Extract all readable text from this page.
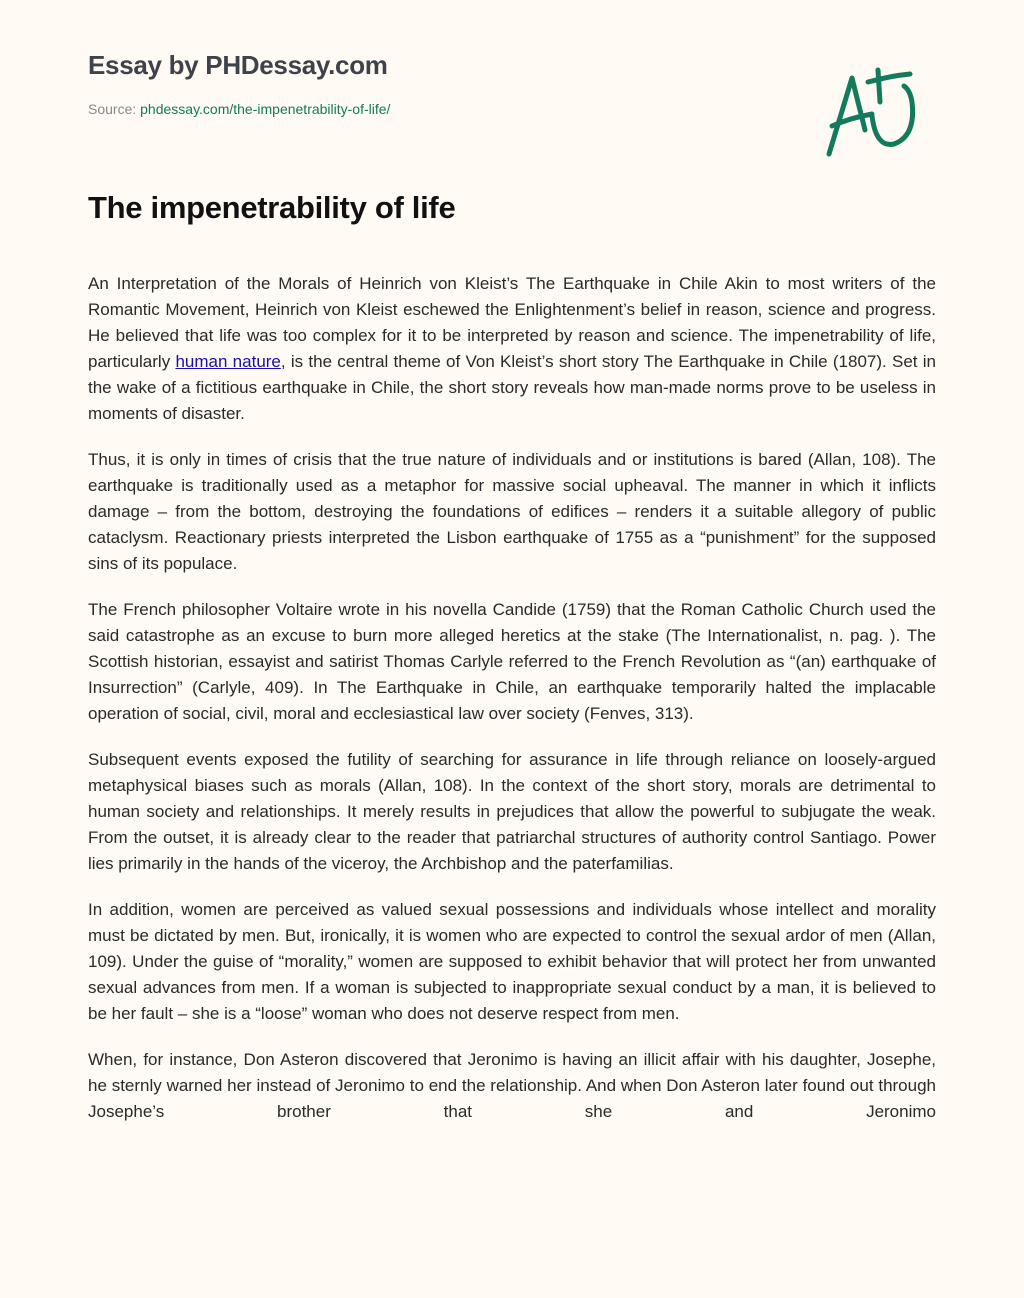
Essay by PHDessay.com
Source: phdessay.com/the-impenetrability-of-life/
The impenetrability of life

An Interpretation of the Morals of Heinrich von Kleist’s The Earthquake in Chile Akin to most writers of the Romantic Movement, Heinrich von Kleist eschewed the Enlightenment’s belief in reason, science and progress. He believed that life was too complex for it to be interpreted by reason and science. The impenetrability of life, particularly human nature, is the central theme of Von Kleist’s short story The Earthquake in Chile (1807). Set in the wake of a fictitious earthquake in Chile, the short story reveals how man-made norms prove to be useless in moments of disaster.

Thus, it is only in times of crisis that the true nature of individuals and or institutions is bared (Allan, 108). The earthquake is traditionally used as a metaphor for massive social upheaval. The manner in which it inflicts damage – from the bottom, destroying the foundations of edifices – renders it a suitable allegory of public cataclysm. Reactionary priests interpreted the Lisbon earthquake of 1755 as a “punishment” for the supposed sins of its populace.

The French philosopher Voltaire wrote in his novella Candide (1759) that the Roman Catholic Church used the said catastrophe as an excuse to burn more alleged heretics at the stake (The Internationalist, n. pag. ). The Scottish historian, essayist and satirist Thomas Carlyle referred to the French Revolution as “(an) earthquake of Insurrection” (Carlyle, 409). In The Earthquake in Chile, an earthquake temporarily halted the implacable operation of social, civil, moral and ecclesiastical law over society (Fenves, 313).

Subsequent events exposed the futility of searching for assurance in life through reliance on loosely-argued metaphysical biases such as morals (Allan, 108). In the context of the short story, morals are detrimental to human society and relationships. It merely results in prejudices that allow the powerful to subjugate the weak. From the outset, it is already clear to the reader that patriarchal structures of authority control Santiago. Power lies primarily in the hands of the viceroy, the Archbishop and the paterfamilias.

In addition, women are perceived as valued sexual possessions and individuals whose intellect and morality must be dictated by men. But, ironically, it is women who are expected to control the sexual ardor of men (Allan, 109). Under the guise of “morality,” women are supposed to exhibit behavior that will protect her from unwanted sexual advances from men. If a woman is subjected to inappropriate sexual conduct by a man, it is believed to be her fault – she is a “loose” woman who does not deserve respect from men.

When, for instance, Don Asteron discovered that Jeronimo is having an illicit affair with his daughter, Josephe, he sternly warned her instead of Jeronimo to end the relationship. And when Don Asteron later found out through Josephe’s brother that she and Jeronimo
